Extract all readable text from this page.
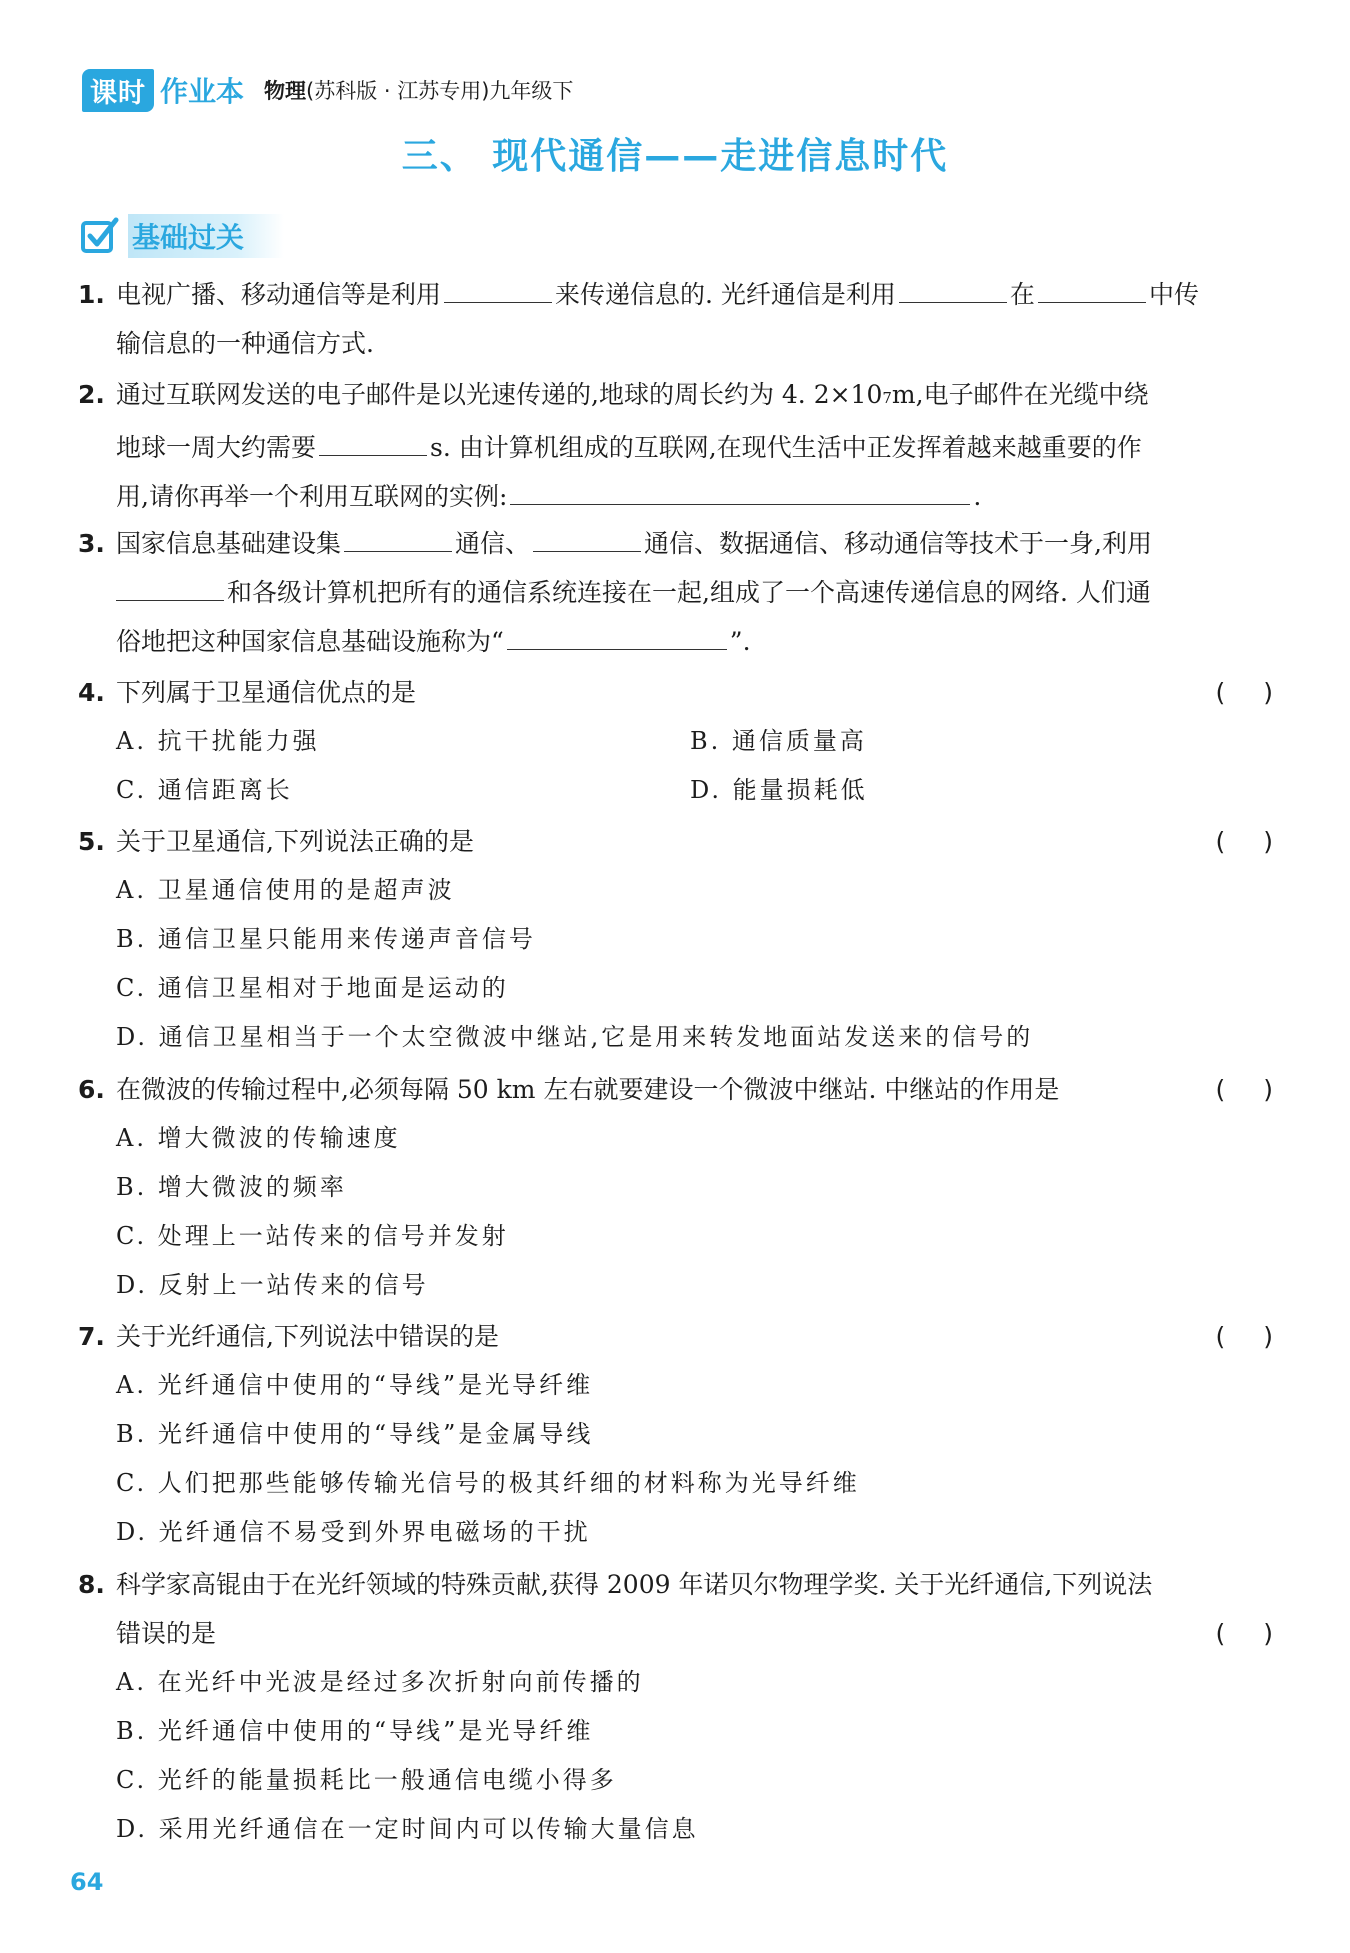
课时 作业本 物理(苏科版 · 江苏专用)九年级下
三、 现代通信——走进信息时代
基础过关
1. 电视广播、移动通信等是利用	来传递信息的. 光纤通信是利用	在	中传
输信息的一种通信方式.
2. 通过互联网发送的电子邮件是以光速传递的,地球的周长约为 4. 2×10 7 m,电子邮件在光缆中绕
地球一周大约需要	s. 由计算机组成的互联网,在现代生活中正发挥着越来越重要的作
用,请你再举一个利用互联网的实例:	.
3. 国家信息基础建设集	通信、	通信、数据通信、移动通信等技术于一身,利用
和各级计算机把所有的通信系统连接在一起,组成了一个高速传递信息的网络. 人们通
俗地把这种国家信息基础设施称为“	”.
4. 下列属于卫星通信优点的是	( )
A. 抗干扰能力强	B. 通信质量高
C. 通信距离长	D. 能量损耗低
5. 关于卫星通信,下列说法正确的是	( )
A. 卫星通信使用的是超声波
B. 通信卫星只能用来传递声音信号
C. 通信卫星相对于地面是运动的
D. 通信卫星相当于一个太空微波中继站,它是用来转发地面站发送来的信号的
6. 在微波的传输过程中,必须每隔 50 km 左右就要建设一个微波中继站. 中继站的作用是	( )
A. 增大微波的传输速度
B. 增大微波的频率
C. 处理上一站传来的信号并发射
D. 反射上一站传来的信号
7. 关于光纤通信,下列说法中错误的是	( )
A. 光纤通信中使用的“导线”是光导纤维
B. 光纤通信中使用的“导线”是金属导线
C. 人们把那些能够传输光信号的极其纤细的材料称为光导纤维
D. 光纤通信不易受到外界电磁场的干扰
8. 科学家高锟由于在光纤领域的特殊贡献,获得 2009 年诺贝尔物理学奖. 关于光纤通信,下列说法
错误的是	( )
A. 在光纤中光波是经过多次折射向前传播的
B. 光纤通信中使用的“导线”是光导纤维
C. 光纤的能量损耗比一般通信电缆小得多
D. 采用光纤通信在一定时间内可以传输大量信息
64
